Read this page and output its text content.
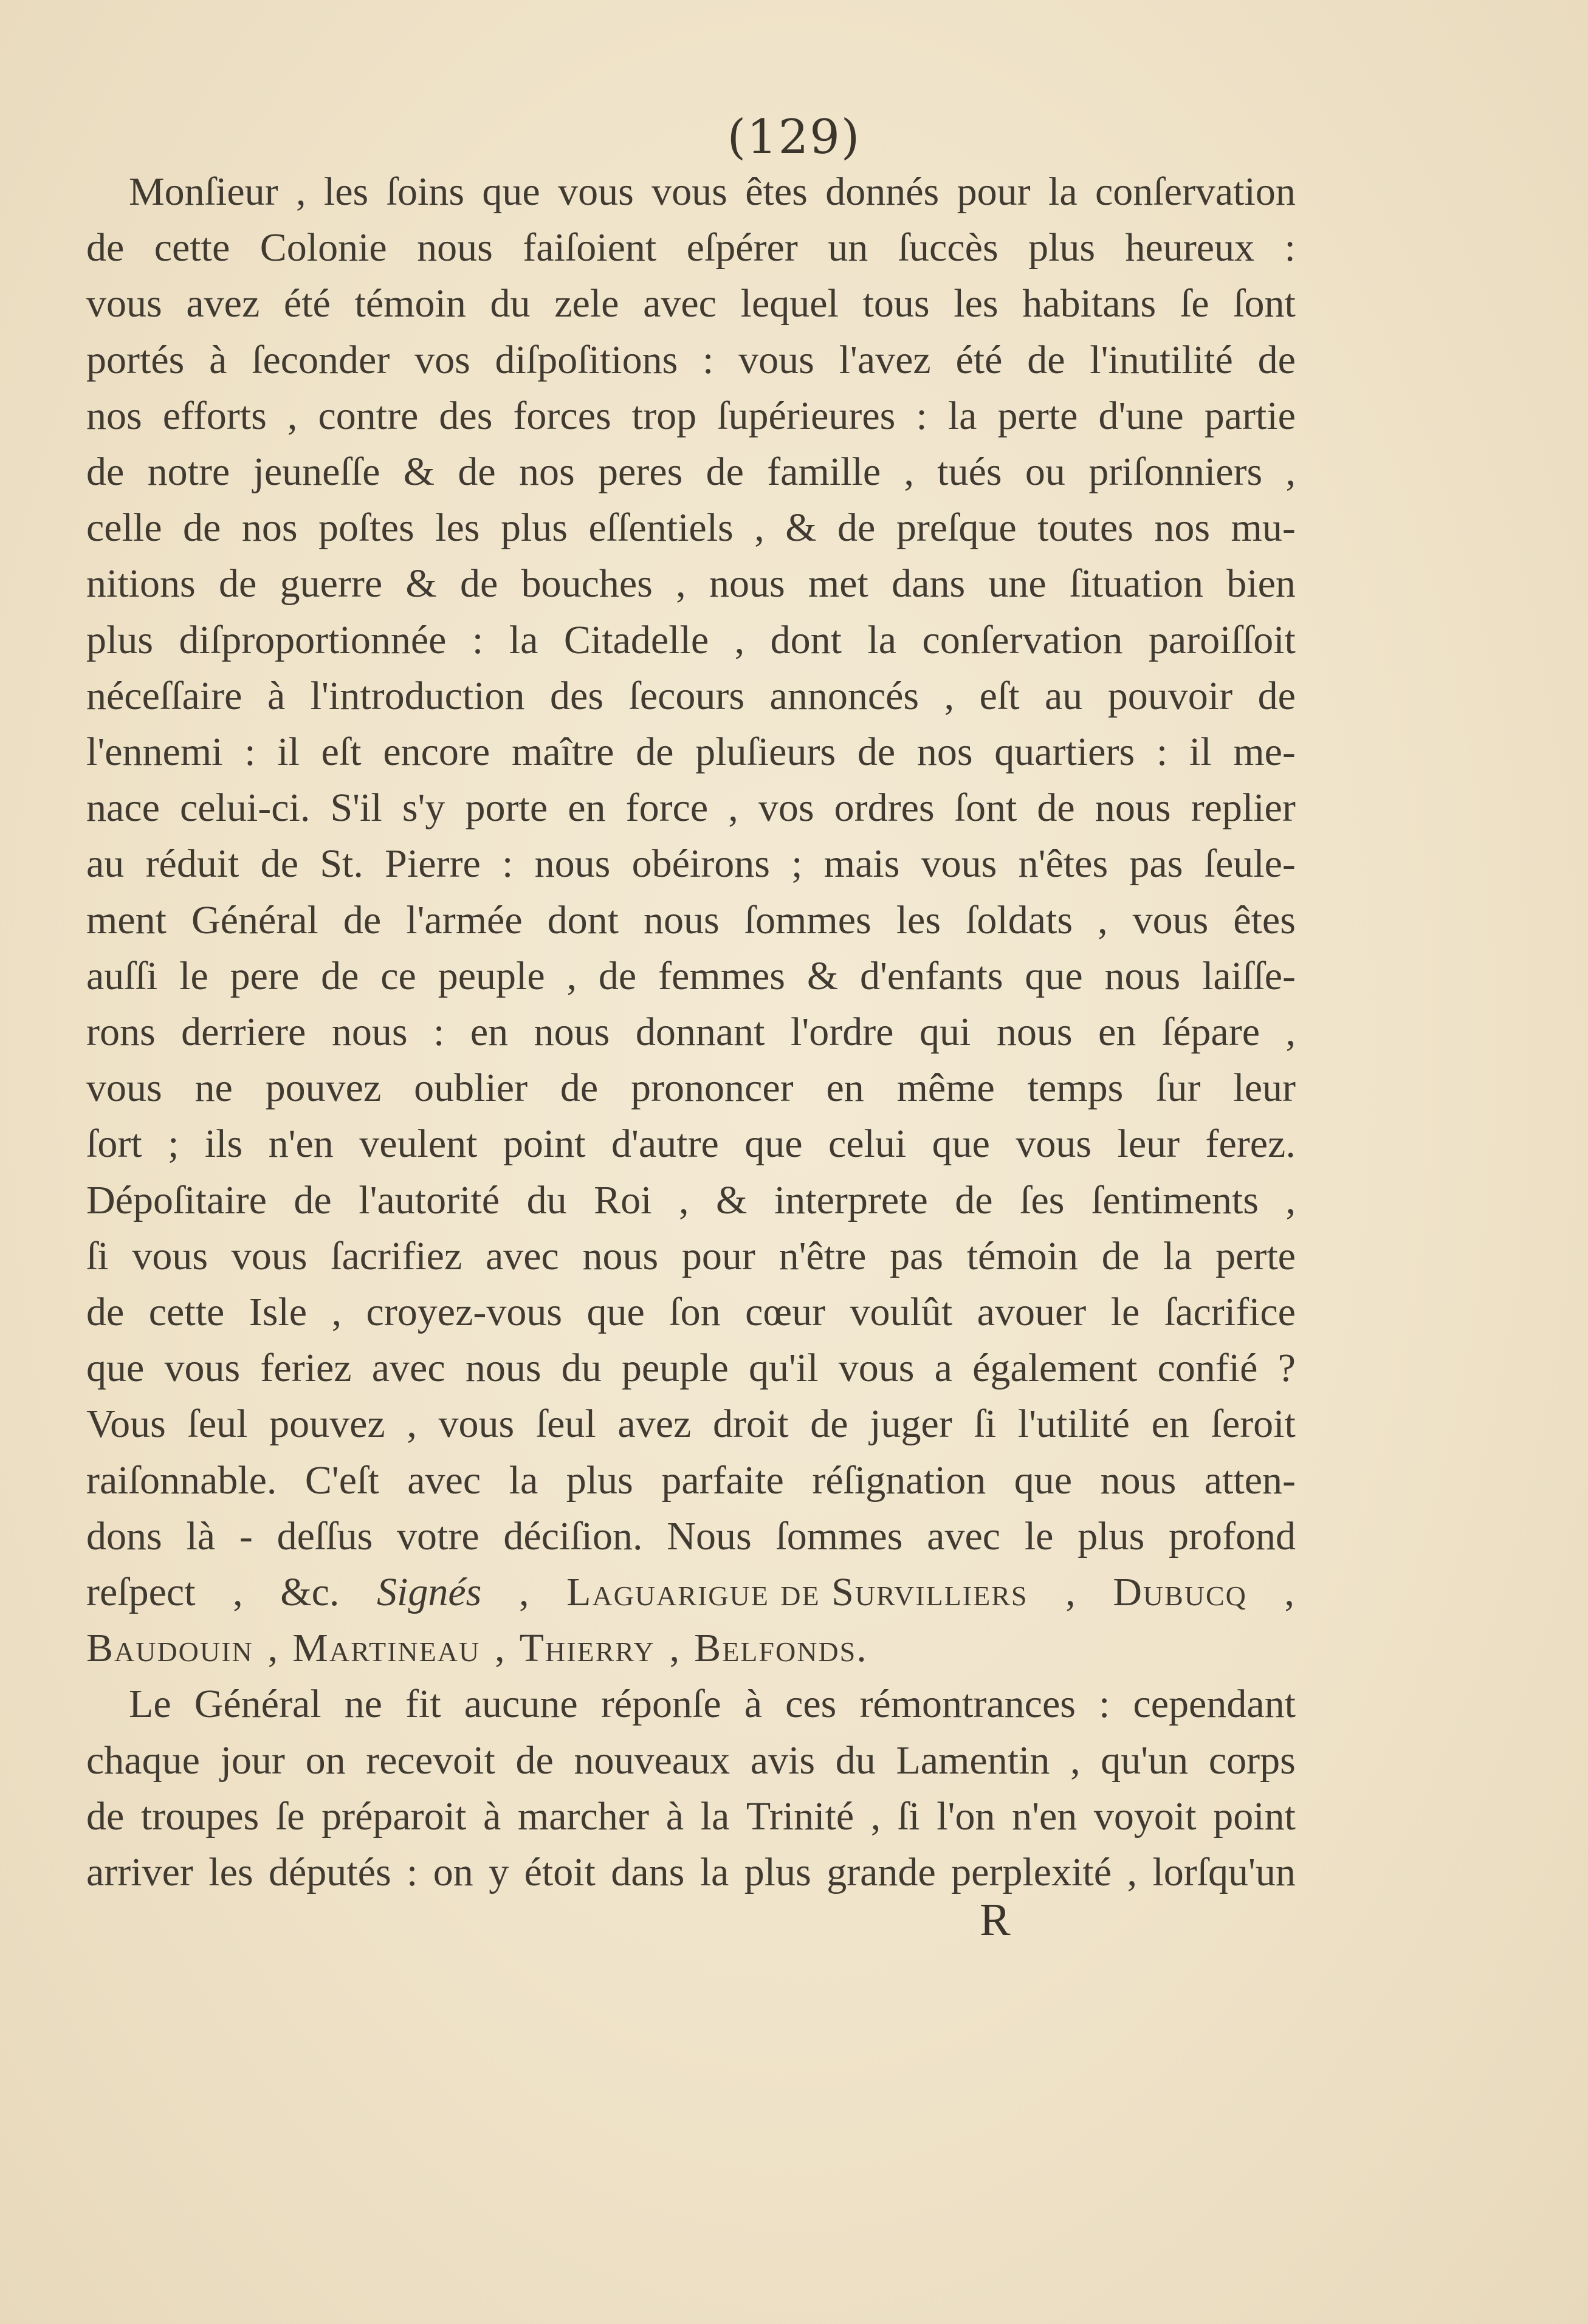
(129)
Monſieur , les ſoins que vous vous êtes donnés pour la conſervation
de cette Colonie nous faiſoient eſpérer un ſuccès plus heureux :
vous avez été témoin du zele avec lequel tous les habitans ſe ſont
portés à ſeconder vos diſpoſitions : vous l'avez été de l'inutilité de
nos efforts , contre des forces trop ſupérieures : la perte d'une partie
de notre jeuneſſe & de nos peres de famille , tués ou priſonniers ,
celle de nos poſtes les plus eſſentiels , & de preſque toutes nos mu-
nitions de guerre & de bouches , nous met dans une ſituation bien
plus diſproportionnée : la Citadelle , dont la conſervation paroiſſoit
néceſſaire à l'introduction des ſecours annoncés , eſt au pouvoir de
l'ennemi : il eſt encore maître de pluſieurs de nos quartiers : il me-
nace celui-ci. S'il s'y porte en force , vos ordres ſont de nous replier
au réduit de St. Pierre : nous obéirons ; mais vous n'êtes pas ſeule-
ment Général de l'armée dont nous ſommes les ſoldats , vous êtes
auſſi le pere de ce peuple , de femmes & d'enfants que nous laiſſe-
rons derriere nous : en nous donnant l'ordre qui nous en ſépare ,
vous ne pouvez oublier de prononcer en même temps ſur leur
ſort ; ils n'en veulent point d'autre que celui que vous leur ferez.
Dépoſitaire de l'autorité du Roi , & interprete de ſes ſentiments ,
ſi vous vous ſacrifiez avec nous pour n'être pas témoin de la perte
de cette Isle , croyez-vous que ſon cœur voulût avouer le ſacrifice
que vous feriez avec nous du peuple qu'il vous a également confié ?
Vous ſeul pouvez , vous ſeul avez droit de juger ſi l'utilité en ſeroit
raiſonnable. C'eſt avec la plus parfaite réſignation que nous atten-
dons là - deſſus votre déciſion. Nous ſommes avec le plus profond
reſpect , &c. Signés , Laguarigue de Survilliers , Dubucq ,
Baudouin , Martineau , Thierry , Belfonds.
Le Général ne fit aucune réponſe à ces rémontrances : cependant
chaque jour on recevoit de nouveaux avis du Lamentin , qu'un corps
de troupes ſe préparoit à marcher à la Trinité , ſi l'on n'en voyoit point
arriver les députés : on y étoit dans la plus grande perplexité , lorſqu'un
R
